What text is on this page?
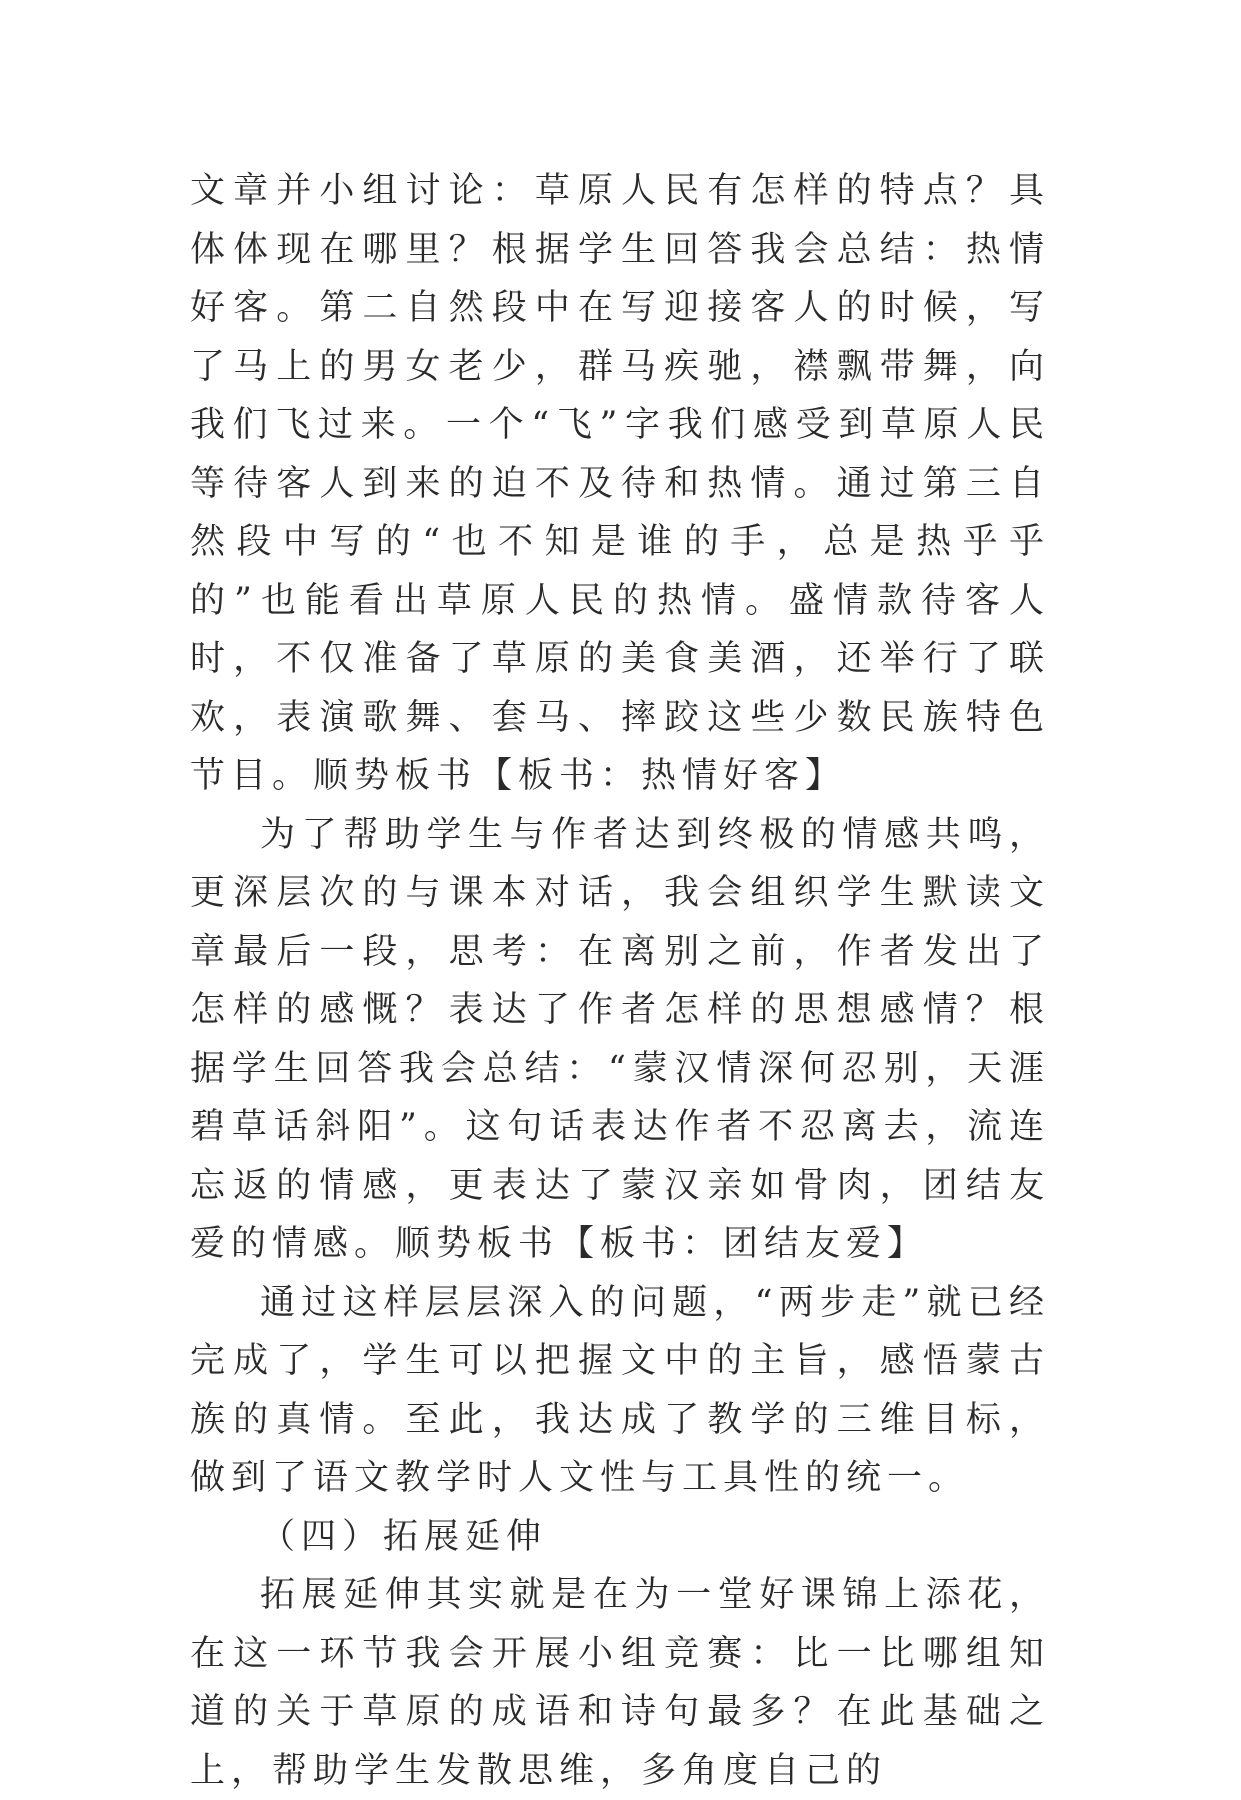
文章并小组讨论：草原人民有怎样的特点？具体体现在哪里？根据学生回答我会总结：热情好客。第二自然段中在写迎接客人的时候，写了马上的男女老少，群马疾驰，襟飘带舞，向我们飞过来。一个“飞”字我们感受到草原人民等待客人到来的迫不及待和热情。通过第三自然段中写的“也不知是谁的手，总是热乎乎的”也能看出草原人民的热情。盛情款待客人时，不仅准备了草原的美食美酒，还举行了联欢，表演歌舞、套马、摔跤这些少数民族特色节目。顺势板书【板书：热情好客】

为了帮助学生与作者达到终极的情感共鸣，更深层次的与课本对话，我会组织学生默读文章最后一段，思考：在离别之前，作者发出了怎样的感慨？表达了作者怎样的思想感情？根据学生回答我会总结：“蒙汉情深何忍别，天涯碧草话斜阳”。这句话表达作者不忍离去，流连忘返的情感，更表达了蒙汉亲如骨肉，团结友爱的情感。顺势板书【板书：团结友爱】

通过这样层层深入的问题，“两步走”就已经完成了，学生可以把握文中的主旨，感悟蒙古族的真情。至此，我达成了教学的三维目标，做到了语文教学时人文性与工具性的统一。

（四）拓展延伸

拓展延伸其实就是在为一堂好课锦上添花，在这一环节我会开展小组竞赛：比一比哪组知道的关于草原的成语和诗句最多？在此基础之上，帮助学生发散思维，多角度自己的
